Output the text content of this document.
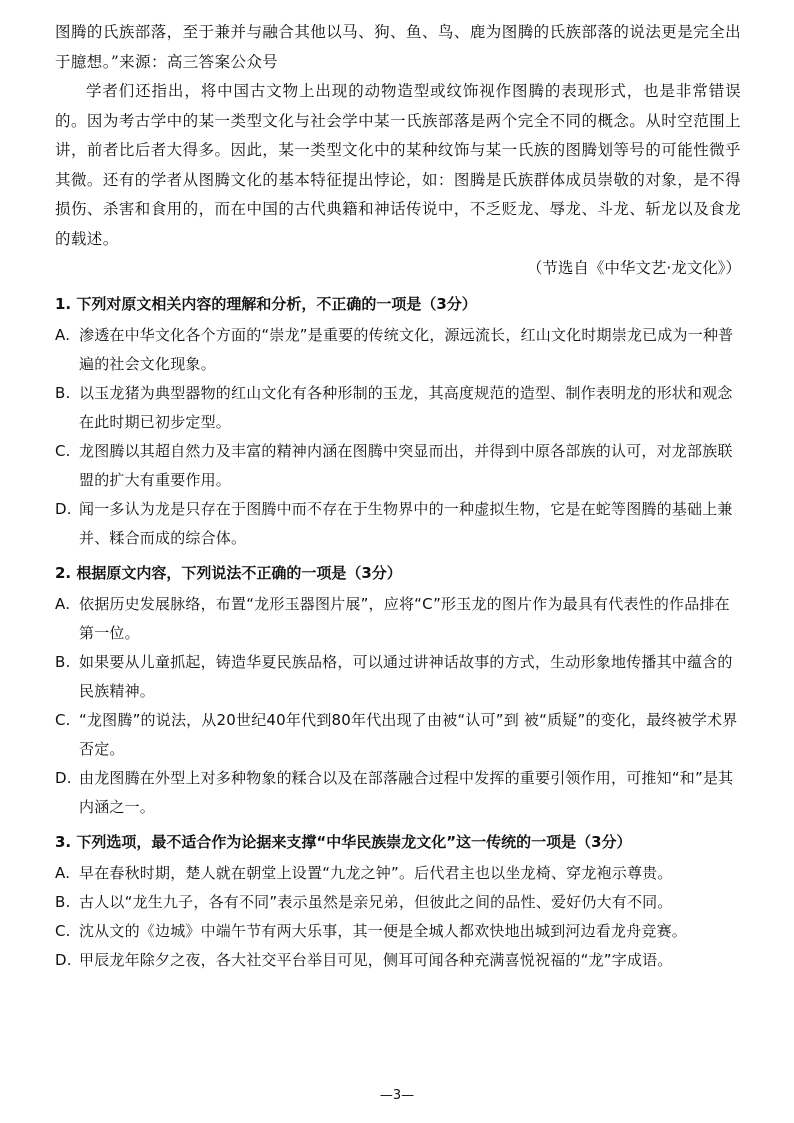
图腾的氏族部落，至于兼并与融合其他以马、狗、鱼、鸟、鹿为图腾的氏族部落的说法更是完全出于臆想。”来源：高三答案公众号

学者们还指出，将中国古文物上出现的动物造型或纹饰视作图腾的表现形式，也是非常错误的。因为考古学中的某一类型文化与社会学中某一氏族部落是两个完全不同的概念。从时空范围上讲，前者比后者大得多。因此，某一类型文化中的某种纹饰与某一氏族的图腾划等号的可能性微乎其微。还有的学者从图腾文化的基本特征提出悖论，如：图腾是氏族群体成员崇敬的对象，是不得损伤、杀害和食用的，而在中国的古代典籍和神话传说中，不乏贬龙、辱龙、斗龙、斩龙以及食龙的载述。

（节选自《中华文艺·龙文化》）

1. 下列对原文相关内容的理解和分析，不正确的一项是（3分）

A. 渗透在中华文化各个方面的“崇龙”是重要的传统文化，源远流长，红山文化时期崇龙已成为一种普遍的社会文化现象。

B. 以玉龙猪为典型器物的红山文化有各种形制的玉龙，其高度规范的造型、制作表明龙的形状和观念在此时期已初步定型。

C. 龙图腾以其超自然力及丰富的精神内涵在图腾中突显而出，并得到中原各部族的认可，对龙部族联盟的扩大有重要作用。

D. 闻一多认为龙是只存在于图腾中而不存在于生物界中的一种虚拟生物，它是在蛇等图腾的基础上兼并、糅合而成的综合体。

2. 根据原文内容，下列说法不正确的一项是（3分）

A. 依据历史发展脉络，布置“龙形玉器图片展”，应将“C”形玉龙的图片作为最具有代表性的作品排在第一位。

B. 如果要从儿童抓起，铸造华夏民族品格，可以通过讲神话故事的方式，生动形象地传播其中蕴含的民族精神。

C. “龙图腾”的说法，从20世纪40年代到80年代出现了由被“认可”到 被“质疑”的变化，最终被学术界否定。

D. 由龙图腾在外型上对多种物象的糅合以及在部落融合过程中发挥的重要引领作用，可推知“和”是其内涵之一。

3. 下列选项，最不适合作为论据来支撑“中华民族崇龙文化”这一传统的一项是（3分）

A. 早在春秋时期，楚人就在朝堂上设置“九龙之钟”。后代君主也以坐龙椅、穿龙袍示尊贵。

B. 古人以“龙生九子，各有不同”表示虽然是亲兄弟，但彼此之间的品性、爱好仍大有不同。

C. 沈从文的《边城》中端午节有两大乐事，其一便是全城人都欢快地出城到河边看龙舟竞赛。

D. 甲辰龙年除夕之夜，各大社交平台举目可见，侧耳可闻各种充满喜悦祝福的“龙”字成语。

—3—
